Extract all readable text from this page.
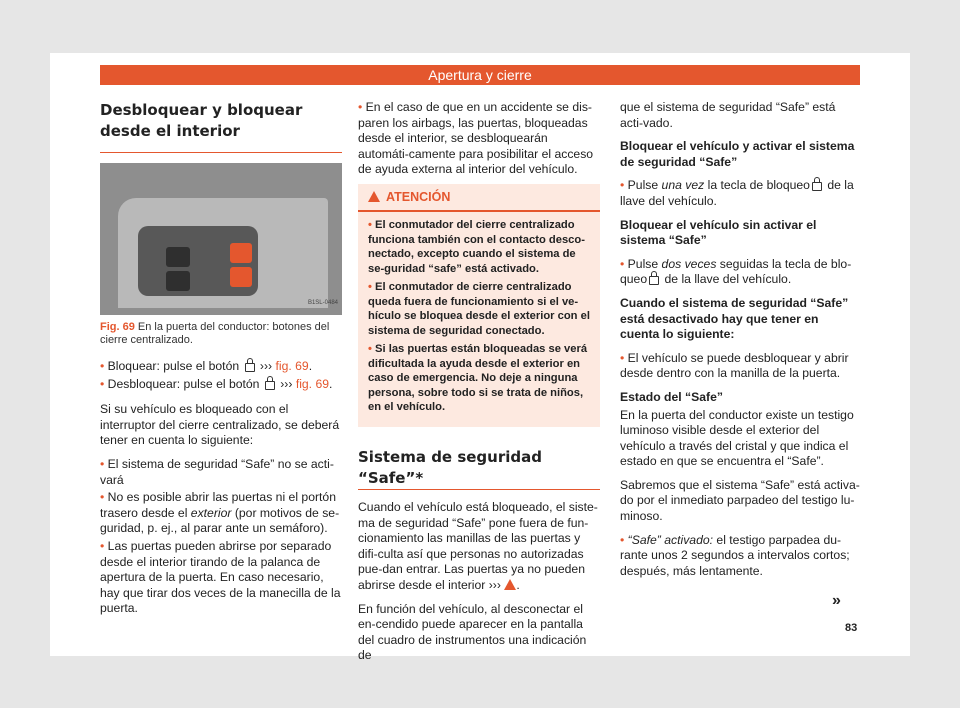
Apertura y cierre
Desbloquear y bloquear desde el interior
B1SL-0484
Fig. 69 En la puerta del conductor: botones del cierre centralizado.

• Bloquear: pulse el botón ››› fig. 69.

• Desbloquear: pulse el botón ››› fig. 69.

Si su vehículo es bloqueado con el interruptor del cierre centralizado, se deberá tener en cuenta lo siguiente:

• El sistema de seguridad “Safe” no se acti-vará

• No es posible abrir las puertas ni el portón trasero desde el exterior (por motivos de se-guridad, p. ej., al parar ante un semáforo).

• Las puertas pueden abrirse por separado desde el interior tirando de la palanca de apertura de la puerta. En caso necesario, hay que tirar dos veces de la manecilla de la puerta.

• En el caso de que en un accidente se dis-paren los airbags, las puertas, bloqueadas desde el interior, se desbloquearán automáti-camente para posibilitar el acceso de ayuda externa al interior del vehículo.

ATENCIÓN
• El conmutador del cierre centralizado funciona también con el contacto desco-nectado, excepto cuando el sistema de se-guridad “safe” está activado.
• El conmutador de cierre centralizado queda fuera de funcionamiento si el ve-hículo se bloquea desde el exterior con el sistema de seguridad conectado.
• Si las puertas están bloqueadas se verá dificultada la ayuda desde el exterior en caso de emergencia. No deje a ninguna persona, sobre todo si se trata de niños, en el vehículo.
Sistema de seguridad “Safe”*

Cuando el vehículo está bloqueado, el siste-ma de seguridad “Safe” pone fuera de fun-cionamiento las manillas de las puertas y difi-culta así que personas no autorizadas pue-dan entrar. Las puertas ya no pueden abrirse desde el interior ››› .

En función del vehículo, al desconectar el en-cendido puede aparecer en la pantalla del cuadro de instrumentos una indicación de

que el sistema de seguridad “Safe” está acti-vado.

Bloquear el vehículo y activar el sistema de seguridad “Safe”

• Pulse una vez la tecla de bloqueo de la llave del vehículo.

Bloquear el vehículo sin activar el sistema “Safe”

• Pulse dos veces seguidas la tecla de blo-queo de la llave del vehículo.

Cuando el sistema de seguridad “Safe” está desactivado hay que tener en cuenta lo siguiente:

• El vehículo se puede desbloquear y abrir desde dentro con la manilla de la puerta.

Estado del “Safe”

En la puerta del conductor existe un testigo luminoso visible desde el exterior del vehículo a través del cristal y que indica el estado en que se encuentra el “Safe”.

Sabremos que el sistema “Safe” está activa-do por el inmediato parpadeo del testigo lu-minoso.

• “Safe” activado: el testigo parpadea du-rante unos 2 segundos a intervalos cortos; después, más lentamente.

»
83
